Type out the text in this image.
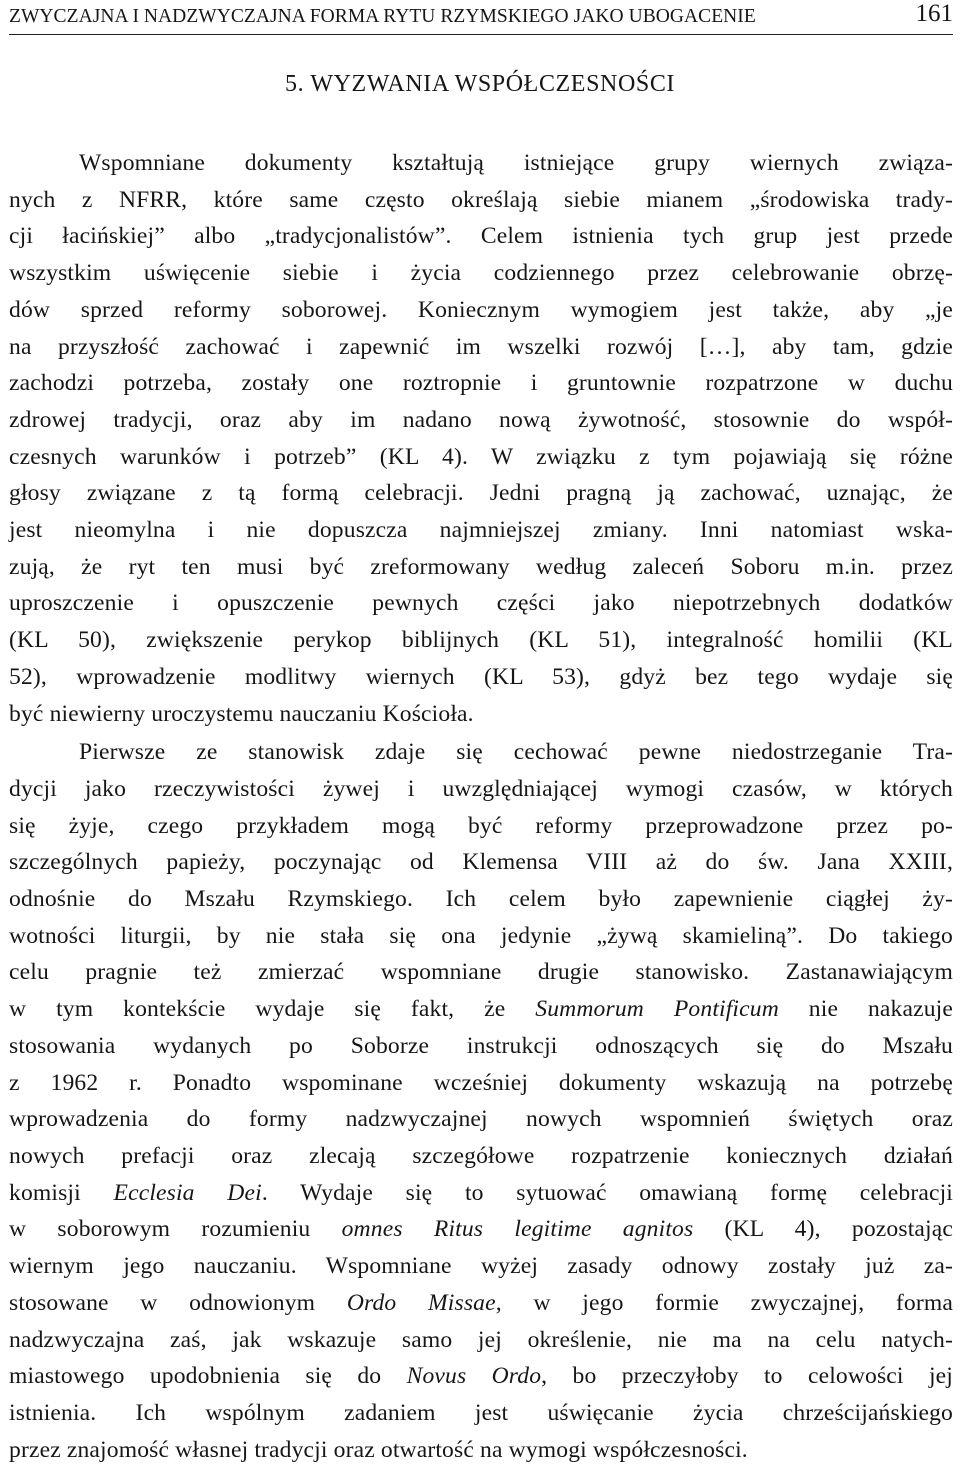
ZWYCZAJNA I NADZWYCZAJNA FORMA RYTU RZYMSKIEGO JAKO UBOGACENIE	161
5. WYZWANIA WSPÓŁCZESNOŚCI

Wspomniane dokumenty kształtują istniejące grupy wiernych związa-
nych z NFRR, które same często określają siebie mianem „środowiska trady-
cji łacińskiej” albo „tradycjonalistów”. Celem istnienia tych grup jest przede
wszystkim uświęcenie siebie i życia codziennego przez celebrowanie obrzę-
dów sprzed reformy soborowej. Koniecznym wymogiem jest także, aby „je
na przyszłość zachować i zapewnić im wszelki rozwój […], aby tam, gdzie
zachodzi potrzeba, zostały one roztropnie i gruntownie rozpatrzone w duchu
zdrowej tradycji, oraz aby im nadano nową żywotność, stosownie do współ-
czesnych warunków i potrzeb” (KL 4). W związku z tym pojawiają się różne
głosy związane z tą formą celebracji. Jedni pragną ją zachować, uznając, że
jest nieomylna i nie dopuszcza najmniejszej zmiany. Inni natomiast wska-
zują, że ryt ten musi być zreformowany według zaleceń Soboru m.in. przez
uproszczenie i opuszczenie pewnych części jako niepotrzebnych dodatków
(KL 50), zwiększenie perykop biblijnych (KL 51), integralność homilii (KL
52), wprowadzenie modlitwy wiernych (KL 53), gdyż bez tego wydaje się
być niewierny uroczystemu nauczaniu Kościoła.

Pierwsze ze stanowisk zdaje się cechować pewne niedostrzeganie Tra-
dycji jako rzeczywistości żywej i uwzględniającej wymogi czasów, w których
się żyje, czego przykładem mogą być reformy przeprowadzone przez po-
szczególnych papieży, poczynając od Klemensa VIII aż do św. Jana XXIII,
odnośnie do Mszału Rzymskiego. Ich celem było zapewnienie ciągłej ży-
wotności liturgii, by nie stała się ona jedynie „żywą skamieliną”. Do takiego
celu pragnie też zmierzać wspomniane drugie stanowisko. Zastanawiającym
w tym kontekście wydaje się fakt, że Summorum Pontificum nie nakazuje
stosowania wydanych po Soborze instrukcji odnoszących się do Mszału
z 1962 r. Ponadto wspominane wcześniej dokumenty wskazują na potrzebę
wprowadzenia do formy nadzwyczajnej nowych wspomnień świętych oraz
nowych prefacji oraz zlecają szczegółowe rozpatrzenie koniecznych działań
komisji Ecclesia Dei. Wydaje się to sytuować omawianą formę celebracji
w soborowym rozumieniu omnes Ritus legitime agnitos (KL 4), pozostając
wiernym jego nauczaniu. Wspomniane wyżej zasady odnowy zostały już za-
stosowane w odnowionym Ordo Missae, w jego formie zwyczajnej, forma
nadzwyczajna zaś, jak wskazuje samo jej określenie, nie ma na celu natych-
miastowego upodobnienia się do Novus Ordo, bo przeczyłoby to celowości jej
istnienia. Ich wspólnym zadaniem jest uświęcanie życia chrześcijańskiego
przez znajomość własnej tradycji oraz otwartość na wymogi współczesności.
